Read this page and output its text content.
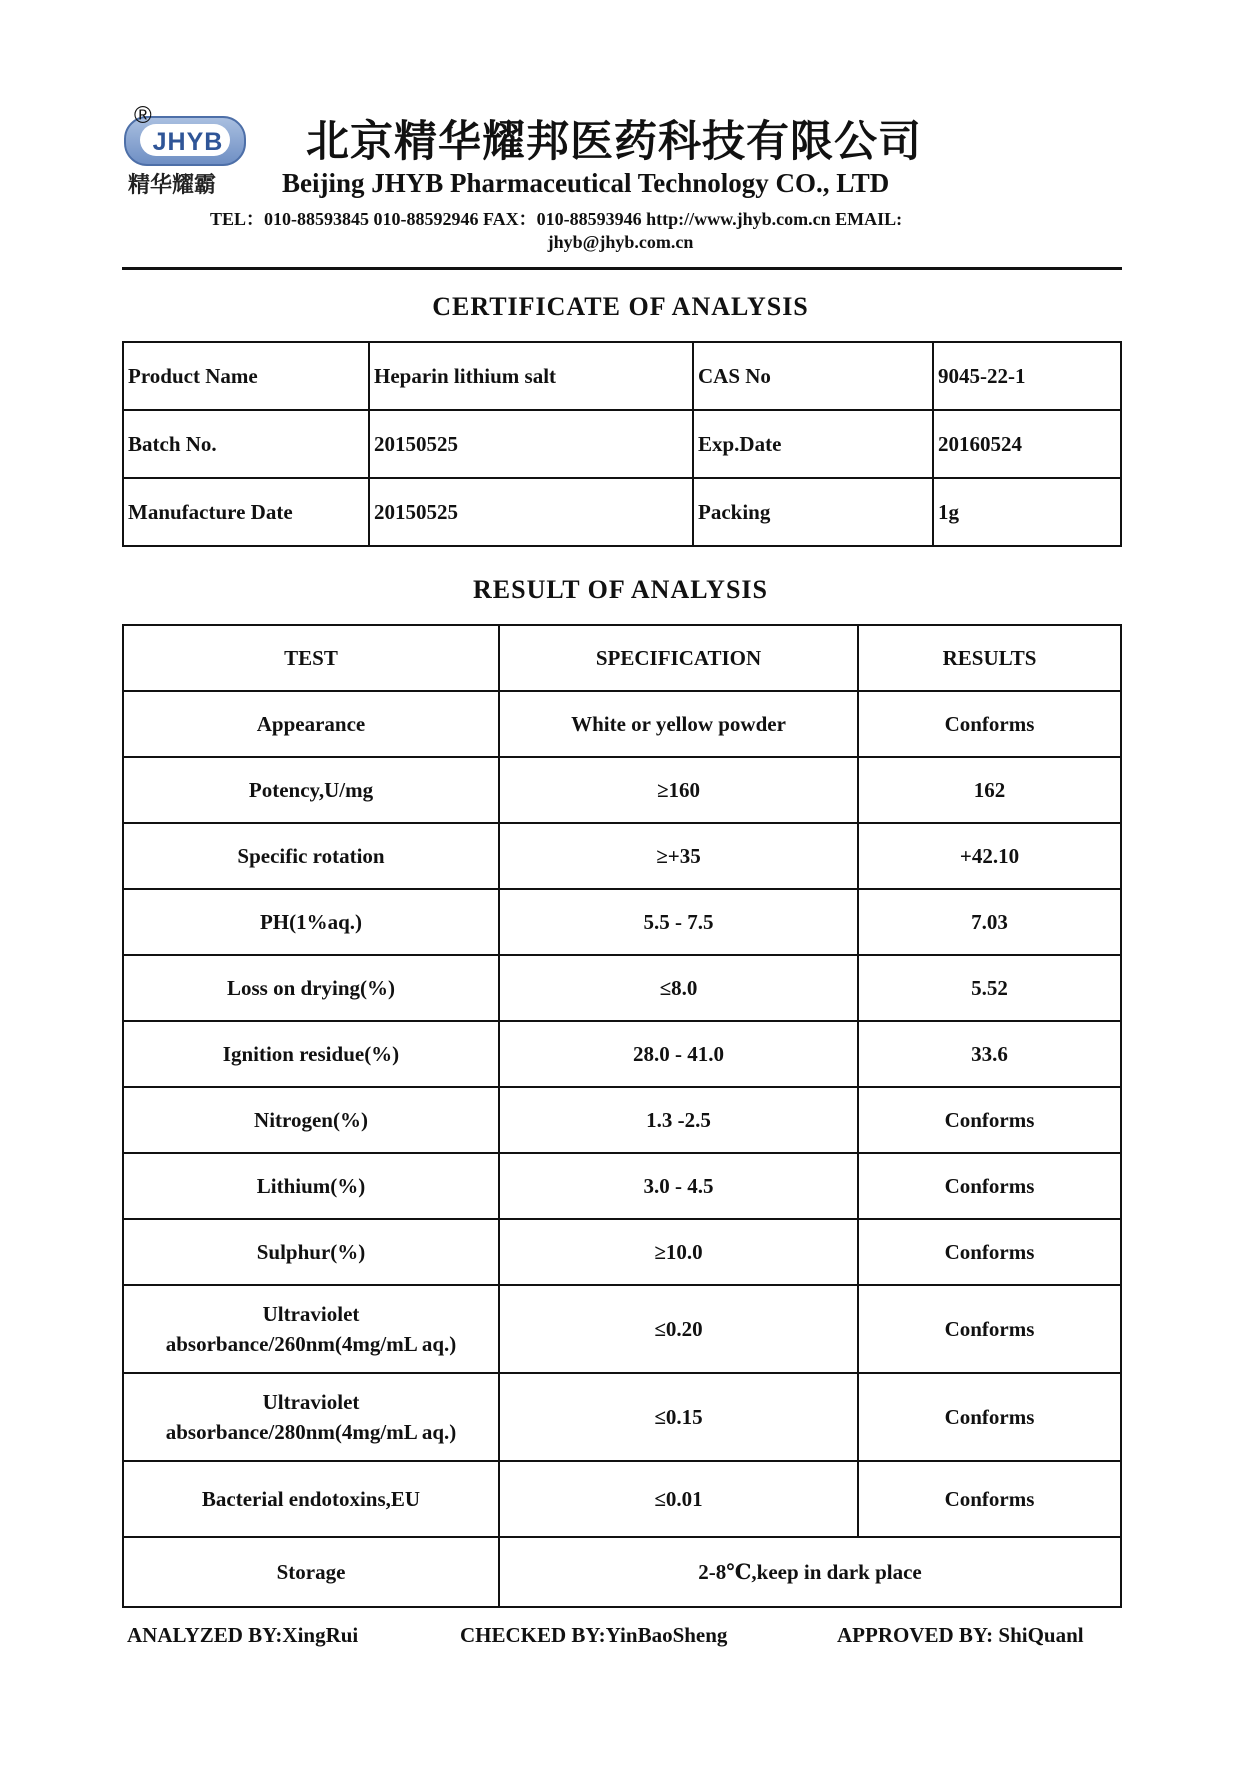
JHYB
精华耀霸
®
北京精华耀邦医药科技有限公司
Beijing JHYB Pharmaceutical Technology CO., LTD
TEL：010-88593845 010-88592946 FAX：010-88593946 http://www.jhyb.com.cn EMAIL:
jhyb@jhyb.com.cn
CERTIFICATE OF ANALYSIS
Product Name	Heparin lithium salt	CAS No	9045-22-1
Batch No.	20150525	Exp.Date	20160524
Manufacture Date	20150525	Packing	1g
RESULT OF ANALYSIS
TEST	SPECIFICATION	RESULTS
Appearance	White or yellow powder	Conforms
Potency,U/mg	≥160	162
Specific rotation	≥+35	+42.10
PH(1%aq.)	5.5 - 7.5	7.03
Loss on drying(%)	≤8.0	5.52
Ignition residue(%)	28.0 - 41.0	33.6
Nitrogen(%)	1.3 -2.5	Conforms
Lithium(%)	3.0 - 4.5	Conforms
Sulphur(%)	≥10.0	Conforms
Ultraviolet
absorbance/260nm(4mg/mL aq.)	≤0.20	Conforms
Ultraviolet
absorbance/280nm(4mg/mL aq.)	≤0.15	Conforms
Bacterial endotoxins,EU	≤0.01	Conforms
Storage	2-8℃,keep in dark place	
ANALYZED BY:XingRui	CHECKED BY:YinBaoSheng	APPROVED BY: ShiQuanl
